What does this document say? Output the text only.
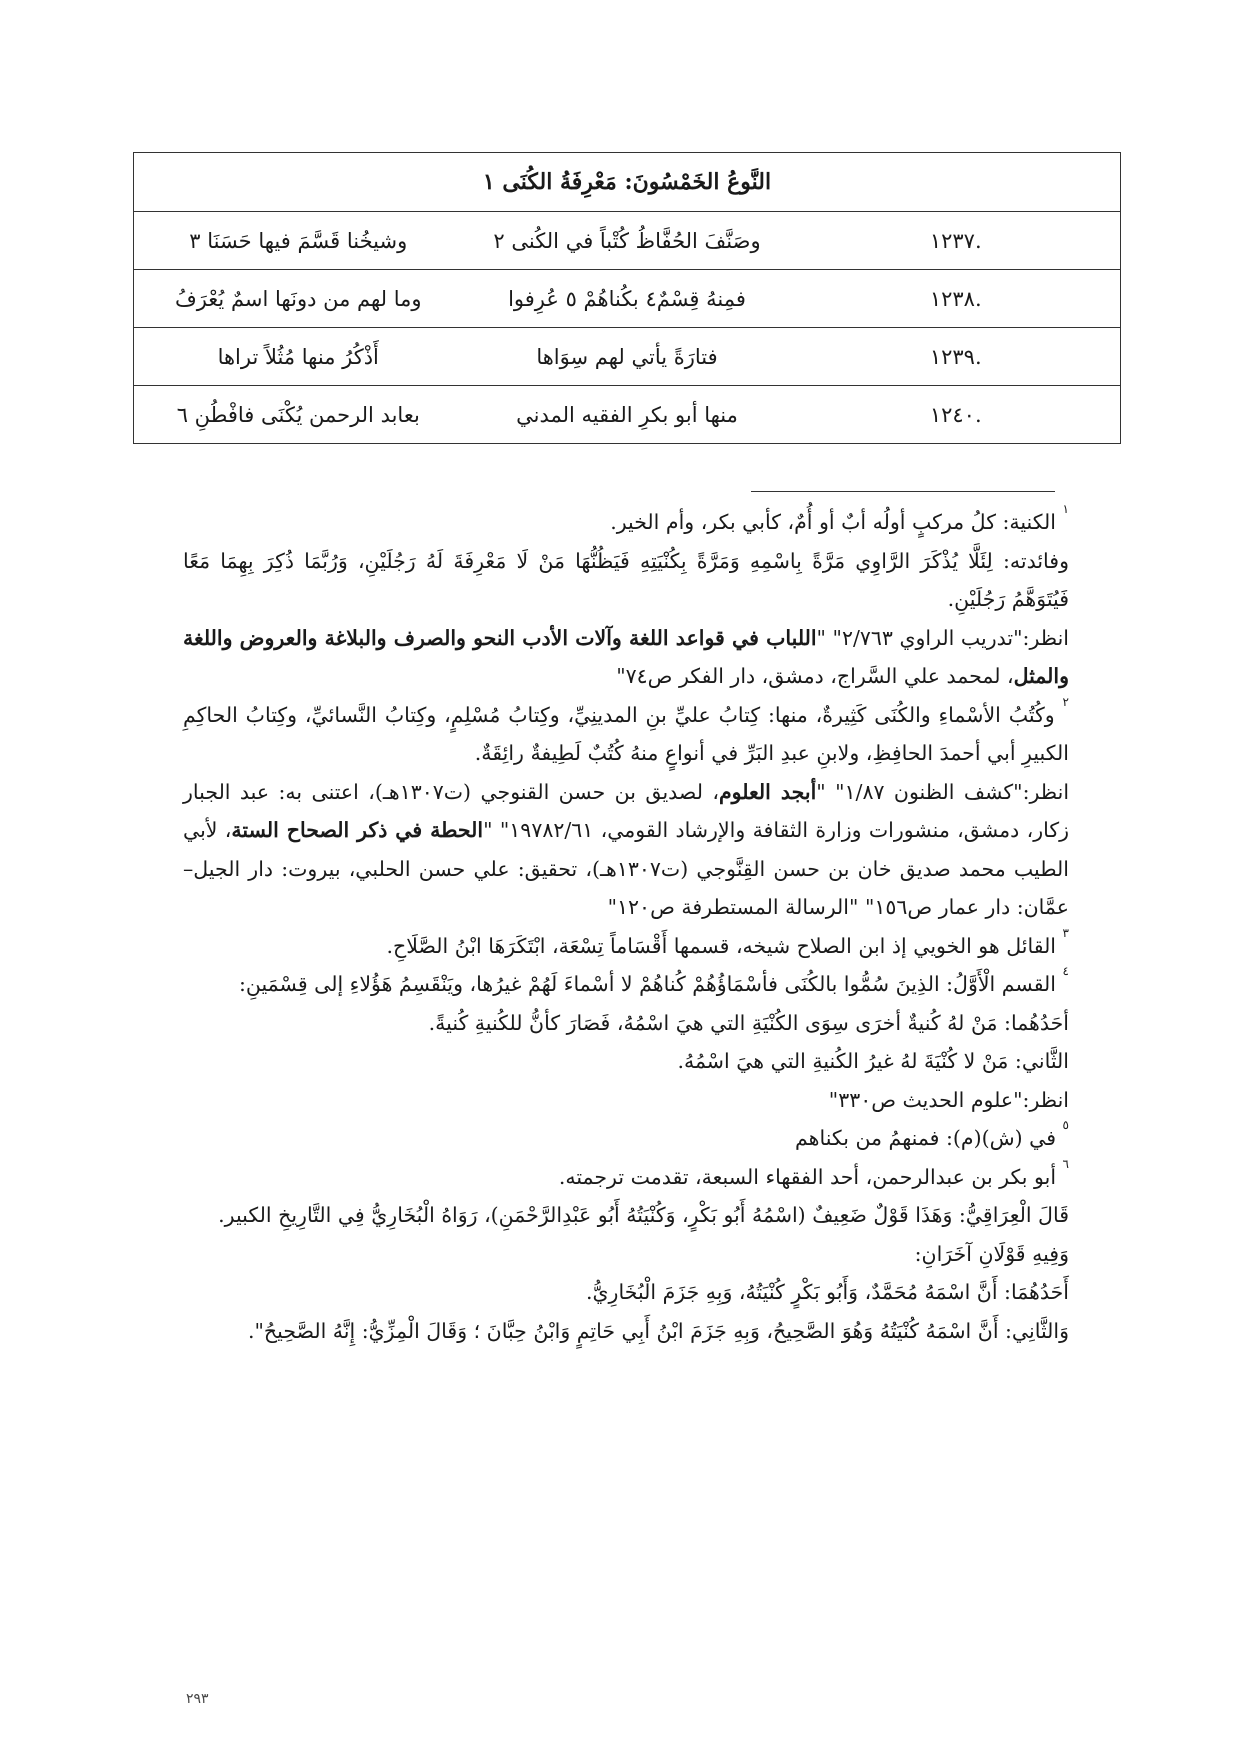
النَّوعُ الخَمْسُونَ: مَعْرِفَةُ الكُنَى ١		
.١٢٣٧	وصَنَّفَ الحُفَّاظُ كُتْباً في الكُنى ٢	وشيخُنا قَسَّمَ فيها حَسَنَا ٣
.١٢٣٨	فمِنهُ قِسْمٌ٤ بكُناهُمْ ٥ عُرِفوا	وما لهم من دونَها اسمٌ يُعْرَفُ
.١٢٣٩	فتارَةً يأتي لهم سِوَاها	أَذْكُرُ منها مُثُلاً تراها
.١٢٤٠	منها أبو بكرِ الفقيه المدني	بعابد الرحمن يُكْنَى فافْطُنِ ٦

$^١$ الكنية: كلُ مركبٍ أولُه أبٌ أو أُمٌ، كأبي بكر، وأم الخير.

وفائدته: لِئَلَّا يُذْكَرَ الرَّاوِي مَرَّةً بِاسْمِهِ وَمَرَّةً بِكُنْيَتِهِ فَيَظُنُّهَا مَنْ لَا مَعْرِفَةَ لَهُ رَجُلَيْنِ، وَرُبَّمَا ذُكِرَ بِهِمَا مَعًا فَيُتَوَهَّمُ رَجُلَيْنِ.

انظر:"تدريب الراوي ٢/٧٦٣" "اللباب في قواعد اللغة وآلات الأدب النحو والصرف والبلاغة والعروض واللغة والمثل، لمحمد علي السَّراج، دمشق، دار الفكر ص٧٤"

$^٢$ وكُتُبُ الأسْماءِ والكُنَى كَثِيرةٌ، منها: كِتابُ عليِّ بنِ المدينِيِّ، وكِتابُ مُسْلِمٍ، وكِتابُ النَّسائيِّ، وكِتابُ الحاكِمِ الكبيرِ أبي أحمدَ الحافِظِ، ولابنِ عبدِ البَرِّ في أنواعٍ منهُ كُتُبٌ لَطِيفةٌ رائِقَةٌ.

انظر:"كشف الظنون ١/٨٧" "أبجد العلوم، لصديق بن حسن القنوجي (ت١٣٠٧هـ)، اعتنى به: عبد الجبار زكار، دمشق، منشورات وزارة الثقافة والإرشاد القومي، ١٩٧٨٢/٦١" "الحطة في ذكر الصحاح الستة، لأبي الطيب محمد صديق خان بن حسن القِنَّوجي (ت١٣٠٧هـ)، تحقيق: علي حسن الحلبي، بيروت: دار الجيل– عمَّان: دار عمار ص١٥٦" "الرسالة المستطرفة ص١٢٠"

$^٣$ القائل هو الخويي إذ ابن الصلاح شيخه، قسمها أَقْسَاماً تِسْعَة، ابْتَكَرَهَا ابْنُ الصَّلَاحِ.

$^٤$ القسم الْأَوَّلُ: الذِينَ سُمُّوا بالكُنَى فأسْمَاؤُهُمْ كُناهُمْ لا أسْماءَ لَهُمْ غيرُها، ويَنْقَسِمُ هَؤُلاءِ إلى قِسْمَينِ:

أحَدُهُما: مَنْ لهُ كُنيةٌ أخرَى سِوَى الكُنْيَةِ التي هيَ اسْمُهُ، فَصَارَ كأنُّ للكُنيةِ كُنيةً.

الثَّاني: مَنْ لا كُنْيَةَ لهُ غيرُ الكُنيةِ التي هيَ اسْمُهُ.

انظر:"علوم الحديث ص٣٣٠"

$^٥$ في (ش)(م): فمنهمُ من بكناهم

$^٦$ أبو بكر بن عبدالرحمن، أحد الفقهاء السبعة، تقدمت ترجمته.

قَالَ الْعِرَاقِيُّ: وَهَذَا قَوْلٌ ضَعِيفٌ (اسْمُهُ أَبُو بَكْرٍ، وَكُنْيَتُهُ أَبُو عَبْدِالرَّحْمَنِ)، رَوَاهُ الْبُخَارِيُّ فِي التَّارِيخِ الكبير.

وَفِيهِ قَوْلَانِ آخَرَانِ:

أَحَدُهُمَا: أَنَّ اسْمَهُ مُحَمَّدٌ، وَأَبُو بَكْرٍ كُنْيَتُهُ، وَبِهِ جَزَمَ الْبُخَارِيُّ.

وَالثَّانِي: أَنَّ اسْمَهُ كُنْيَتُهُ وَهُوَ الصَّحِيحُ، وَبِهِ جَزَمَ ابْنُ أَبِي حَاتِمٍ وَابْنُ حِبَّانَ ؛ وَقَالَ الْمِزِّيُّ: إِنَّهُ الصَّحِيحُ".

٢٩٣
